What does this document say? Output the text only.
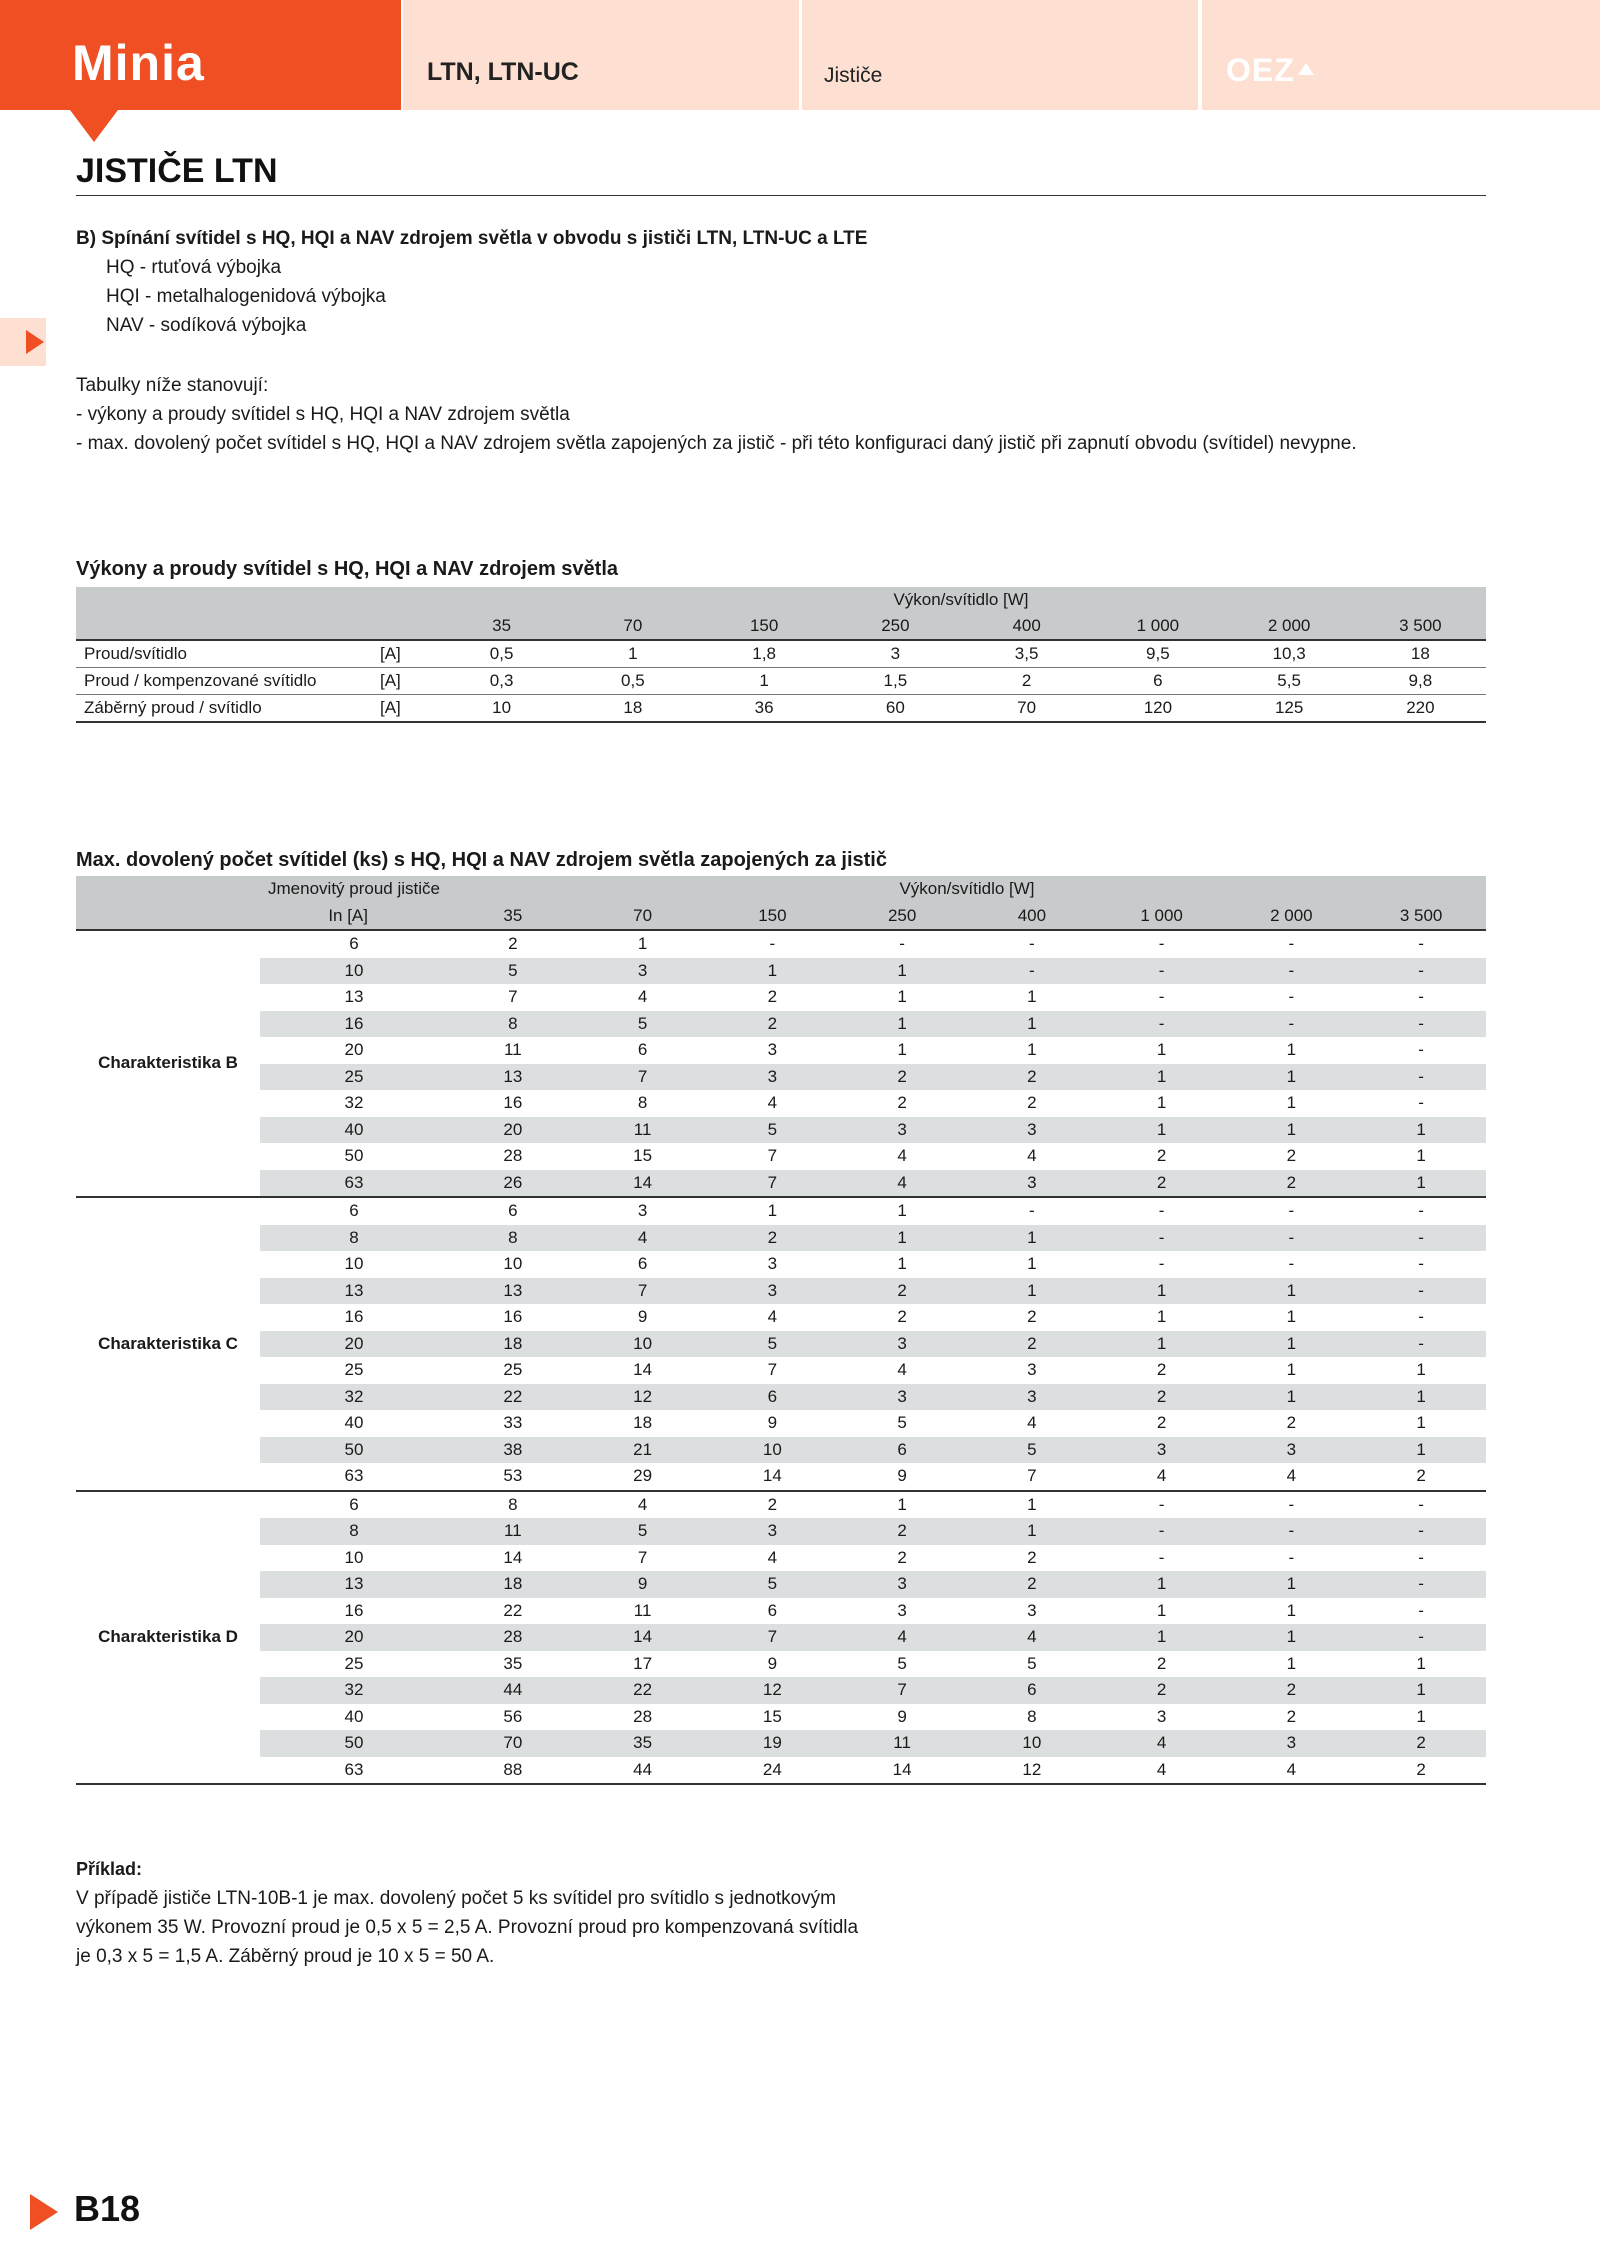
Minia	LTN, LTN-UC	Jističe	OEZ
JISTIČE LTN
B) Spínání svítidel s HQ, HQI a NAV zdrojem světla v obvodu s jističi LTN, LTN-UC a LTE
HQ - rtuťová výbojka
HQI - metalhalogenidová výbojka
NAV - sodíková výbojka
Tabulky níže stanovují:
- výkony a proudy svítidel s HQ, HQI a NAV zdrojem světla
- max. dovolený počet svítidel s HQ, HQI a NAV zdrojem světla zapojených za jistič - při této konfiguraci daný jistič při zapnutí obvodu (svítidel) nevypne.
Výkony a proudy svítidel s HQ, HQI a NAV zdrojem světla
		Výkon/svítidlo [W]							
		35	70	150	250	400	1 000	2 000	3 500
Proud/svítidlo	[A]	0,5	1	1,8	3	3,5	9,5	10,3	18
Proud / kompenzované svítidlo	[A]	0,3	0,5	1	1,5	2	6	5,5	9,8
Záběrný proud / svítidlo	[A]	10	18	36	60	70	120	125	220
Max. dovolený počet svítidel (ks) s HQ, HQI a NAV zdrojem světla zapojených za jistič
	Jmenovitý proud jističe	Výkon/svítidlo [W]							
	In [A]	35	70	150	250	400	1 000	2 000	3 500
Charakteristika B	6	2	1	-	-	-	-	-	-
	10	5	3	1	1	-	-	-	-
	13	7	4	2	1	1	-	-	-
	16	8	5	2	1	1	-	-	-
	20	11	6	3	1	1	1	1	-
	25	13	7	3	2	2	1	1	-
	32	16	8	4	2	2	1	1	-
	40	20	11	5	3	3	1	1	1
	50	28	15	7	4	4	2	2	1
	63	26	14	7	4	3	2	2	1
Charakteristika C	6	6	3	1	1	-	-	-	-
	8	8	4	2	1	1	-	-	-
	10	10	6	3	1	1	-	-	-
	13	13	7	3	2	1	1	1	-
	16	16	9	4	2	2	1	1	-
	20	18	10	5	3	2	1	1	-
	25	25	14	7	4	3	2	1	1
	32	22	12	6	3	3	2	1	1
	40	33	18	9	5	4	2	2	1
	50	38	21	10	6	5	3	3	1
	63	53	29	14	9	7	4	4	2
Charakteristika D	6	8	4	2	1	1	-	-	-
	8	11	5	3	2	1	-	-	-
	10	14	7	4	2	2	-	-	-
	13	18	9	5	3	2	1	1	-
	16	22	11	6	3	3	1	1	-
	20	28	14	7	4	4	1	1	-
	25	35	17	9	5	5	2	1	1
	32	44	22	12	7	6	2	2	1
	40	56	28	15	9	8	3	2	1
	50	70	35	19	11	10	4	3	2
	63	88	44	24	14	12	4	4	2
Příklad:
V případě jističe LTN-10B-1 je max. dovolený počet 5 ks svítidel pro svítidlo s jednotkovým
výkonem 35 W. Provozní proud je 0,5 x 5 = 2,5 A. Provozní proud pro kompenzovaná svítidla
je 0,3 x 5 = 1,5 A. Záběrný proud je 10 x 5 = 50 A.
B18
